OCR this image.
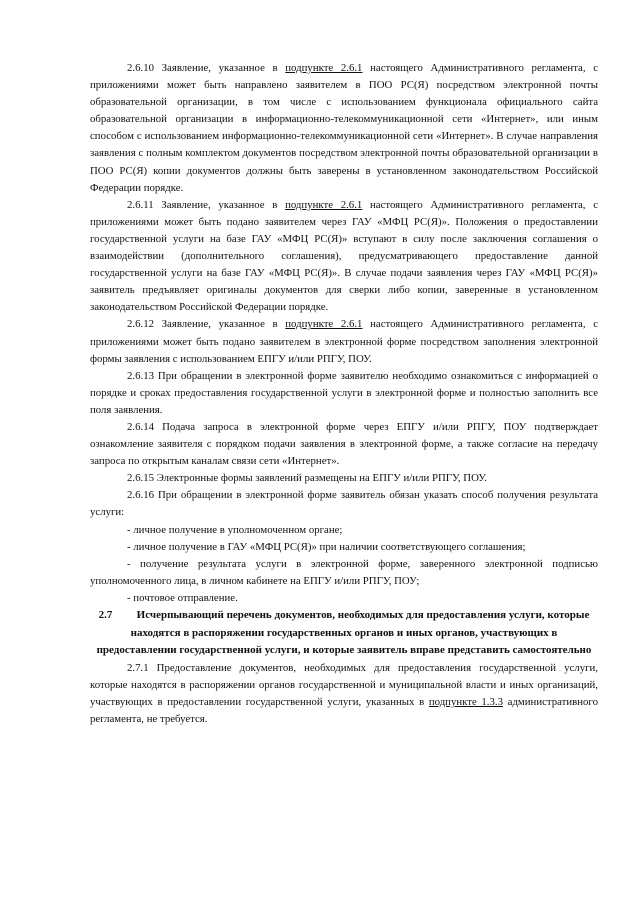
2.6.10 Заявление, указанное в подпункте 2.6.1 настоящего Административного регламента, с приложениями может быть направлено заявителем в ПОО РС(Я) посредством электронной почты образовательной организации, в том числе с использованием функционала официального сайта образовательной организации в информационно-телекоммуникационной сети «Интернет», или иным способом с использованием информационно-телекоммуникационной сети «Интернет». В случае направления заявления с полным комплектом документов посредством электронной почты образовательной организации в ПОО РС(Я) копии документов должны быть заверены в установленном законодательством Российской Федерации порядке.

2.6.11 Заявление, указанное в подпункте 2.6.1 настоящего Административного регламента, с приложениями может быть подано заявителем через ГАУ «МФЦ РС(Я)». Положения о предоставлении государственной услуги на базе ГАУ «МФЦ РС(Я)» вступают в силу после заключения соглашения о взаимодействии (дополнительного соглашения), предусматривающего предоставление данной государственной услуги на базе ГАУ «МФЦ РС(Я)». В случае подачи заявления через ГАУ «МФЦ РС(Я)» заявитель предъявляет оригиналы документов для сверки либо копии, заверенные в установленном законодательством Российской Федерации порядке.

2.6.12 Заявление, указанное в подпункте 2.6.1 настоящего Административного регламента, с приложениями может быть подано заявителем в электронной форме посредством заполнения электронной формы заявления с использованием ЕПГУ и/или РПГУ, ПОУ.

2.6.13 При обращении в электронной форме заявителю необходимо ознакомиться с информацией о порядке и сроках предоставления государственной услуги в электронной форме и полностью заполнить все поля заявления.

2.6.14 Подача запроса в электронной форме через ЕПГУ и/или РПГУ, ПОУ подтверждает ознакомление заявителя с порядком подачи заявления в электронной форме, а также согласие на передачу запроса по открытым каналам связи сети «Интернет».

2.6.15 Электронные формы заявлений размещены на ЕПГУ и/или РПГУ, ПОУ.

2.6.16 При обращении в электронной форме заявитель обязан указать способ получения результата услуги:

- личное получение в уполномоченном органе;

- личное получение в ГАУ «МФЦ РС(Я)» при наличии соответствующего соглашения;

- получение результата услуги в электронной форме, заверенного электронной подписью уполномоченного лица, в личном кабинете на ЕПГУ и/или РПГУ, ПОУ;

- почтовое отправление.

2.7 Исчерпывающий перечень документов, необходимых для предоставления услуги, которые находятся в распоряжении государственных органов и иных органов, участвующих в предоставлении государственной услуги, и которые заявитель вправе представить самостоятельно

2.7.1 Предоставление документов, необходимых для предоставления государственной услуги, которые находятся в распоряжении органов государственной и муниципальной власти и иных организаций, участвующих в предоставлении государственной услуги, указанных в подпункте 1.3.3 административного регламента, не требуется.
